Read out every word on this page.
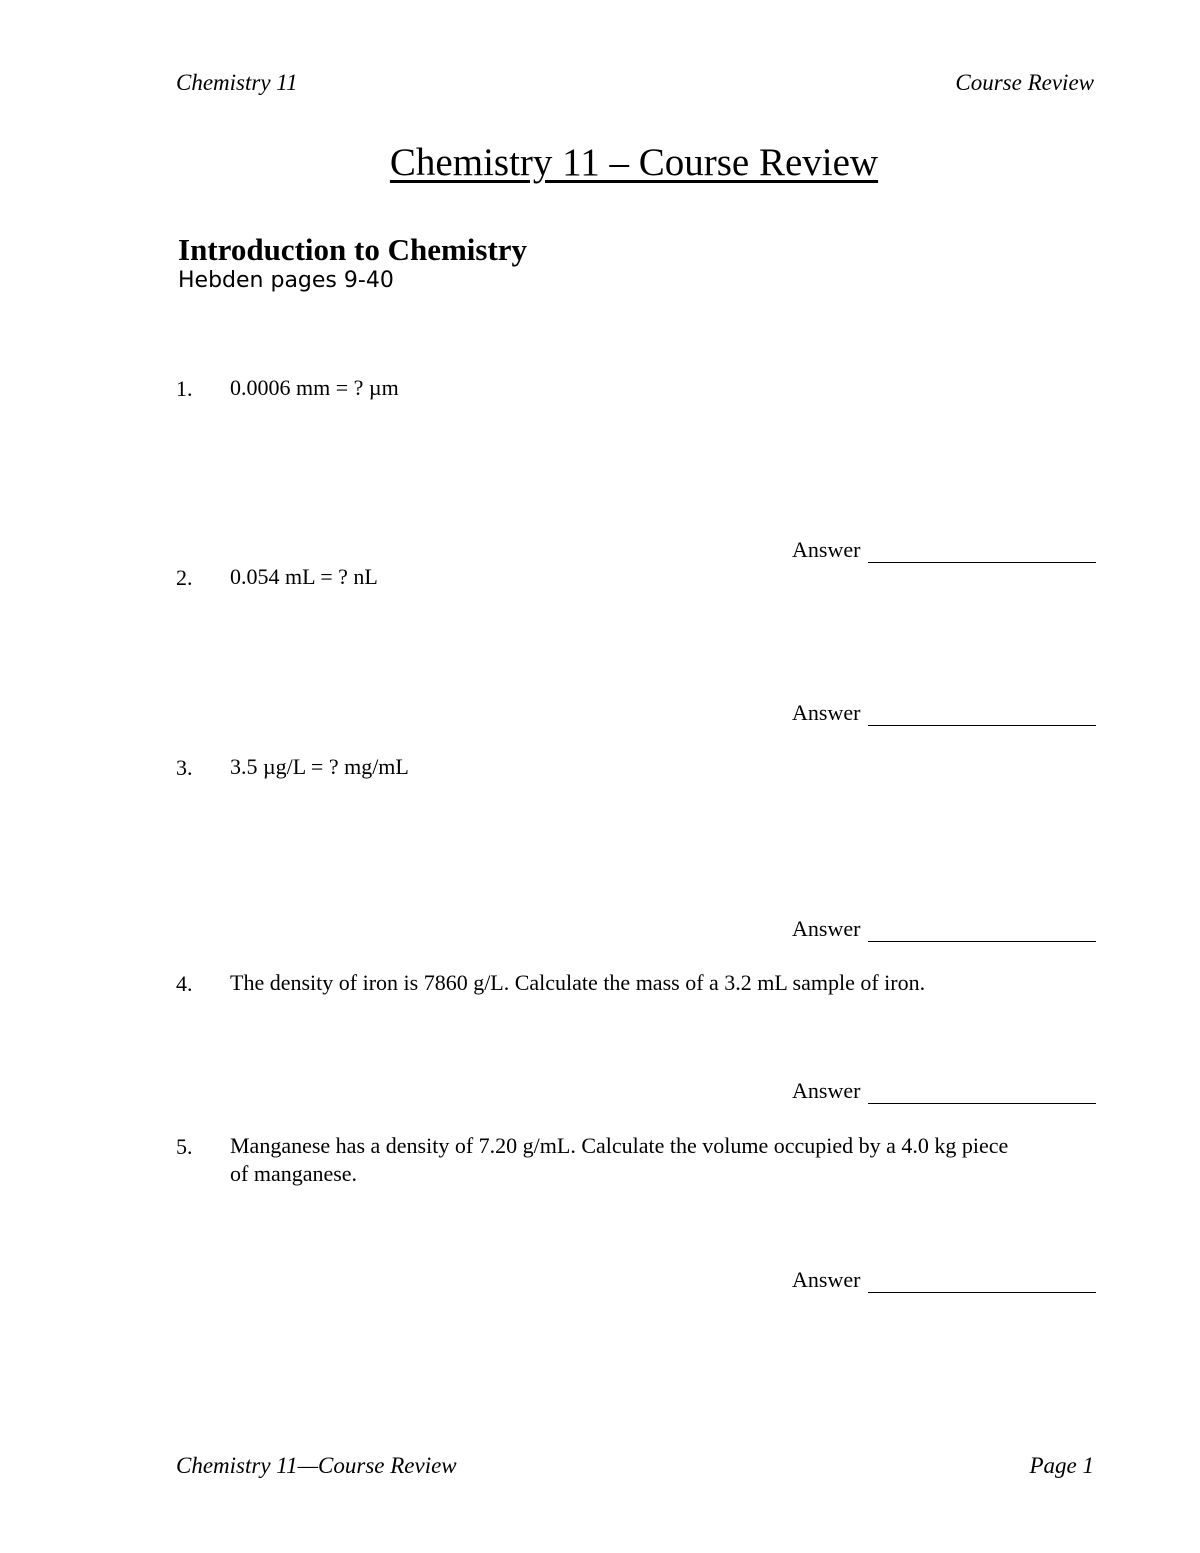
Chemistry 11	Course Review
Chemistry 11 – Course Review
Introduction to Chemistry
Hebden pages 9-40
1. 0.0006 mm = ? µm
Answer
2. 0.054 mL = ? nL
Answer
3. 3.5 µg/L = ? mg/mL
Answer
4. The density of iron is 7860 g/L. Calculate the mass of a 3.2 mL sample of iron.
Answer
5. Manganese has a density of 7.20 g/mL. Calculate the volume occupied by a 4.0 kg piece of manganese.
Answer
Chemistry 11—Course Review	Page 1
